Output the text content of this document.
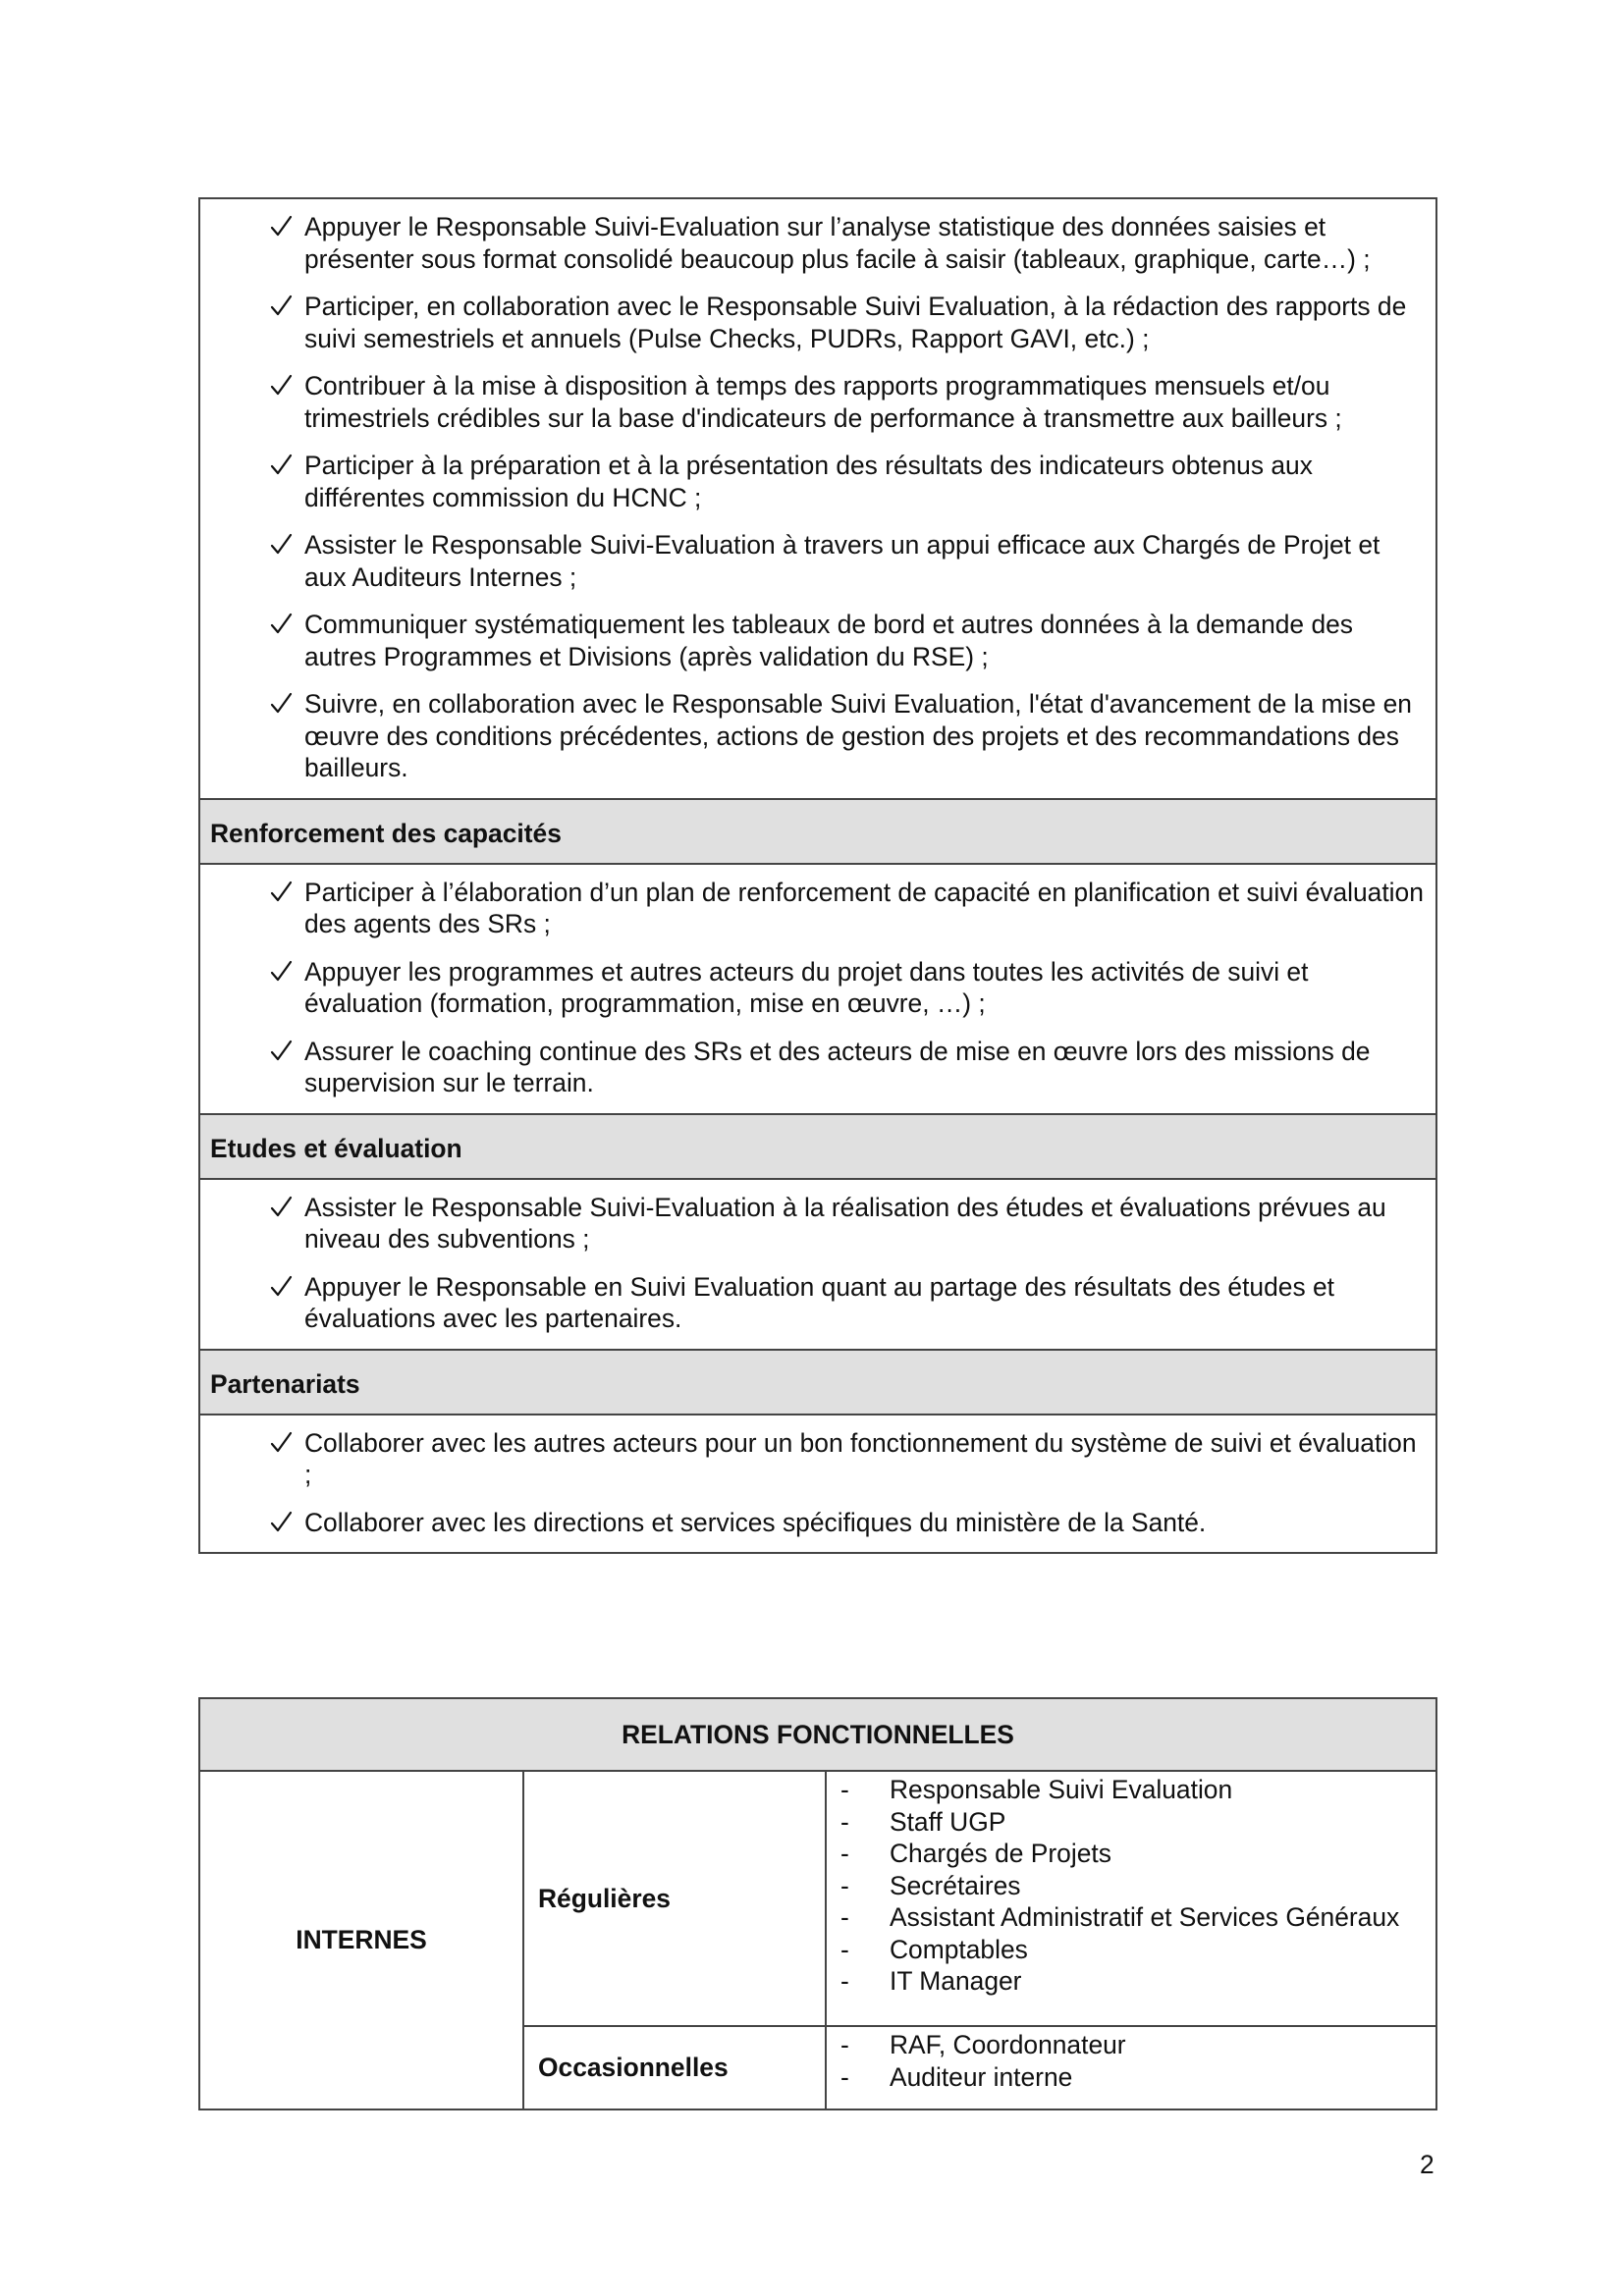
Appuyer le Responsable Suivi-Evaluation sur l’analyse statistique des données saisies et présenter sous format consolidé beaucoup plus facile à saisir (tableaux, graphique, carte…) ;
Participer, en collaboration avec le Responsable Suivi Evaluation, à la rédaction des rapports de suivi semestriels et annuels (Pulse Checks, PUDRs, Rapport GAVI, etc.) ;
Contribuer à la mise à disposition à temps des rapports programmatiques mensuels et/ou trimestriels crédibles sur la base d'indicateurs de performance à transmettre aux bailleurs ;
Participer à la préparation et à la présentation des résultats des indicateurs obtenus aux différentes commission du HCNC ;
Assister le Responsable Suivi-Evaluation à travers un appui efficace aux Chargés de Projet et aux Auditeurs Internes ;
Communiquer systématiquement les tableaux de bord et autres données à la demande des autres Programmes et Divisions (après validation du RSE) ;
Suivre, en collaboration avec le Responsable Suivi Evaluation, l'état d'avancement de la mise en œuvre des conditions précédentes, actions de gestion des projets et des recommandations des bailleurs.
Renforcement des capacités
Participer à l’élaboration d’un plan de renforcement de capacité en planification et suivi évaluation des agents des SRs ;
Appuyer les programmes et autres acteurs du projet dans toutes les activités de suivi et évaluation (formation, programmation, mise en œuvre, …) ;
Assurer le coaching continue des SRs et des acteurs de mise en œuvre lors des missions de supervision sur le terrain.
Etudes et évaluation
Assister le Responsable Suivi-Evaluation à la réalisation des études et évaluations prévues au niveau des subventions ;
Appuyer le Responsable en Suivi Evaluation quant au partage des résultats des études et évaluations avec les partenaires.
Partenariats
Collaborer avec les autres acteurs pour un bon fonctionnement du système de suivi et évaluation ;
Collaborer avec les directions et services spécifiques du ministère de la Santé.
RELATIONS FONCTIONNELLES
INTERNES
Régulières
- Responsable Suivi Evaluation
- Staff UGP
- Chargés de Projets
- Secrétaires
- Assistant Administratif et Services Généraux
- Comptables
- IT Manager
Occasionnelles
- RAF, Coordonnateur
- Auditeur interne
2
